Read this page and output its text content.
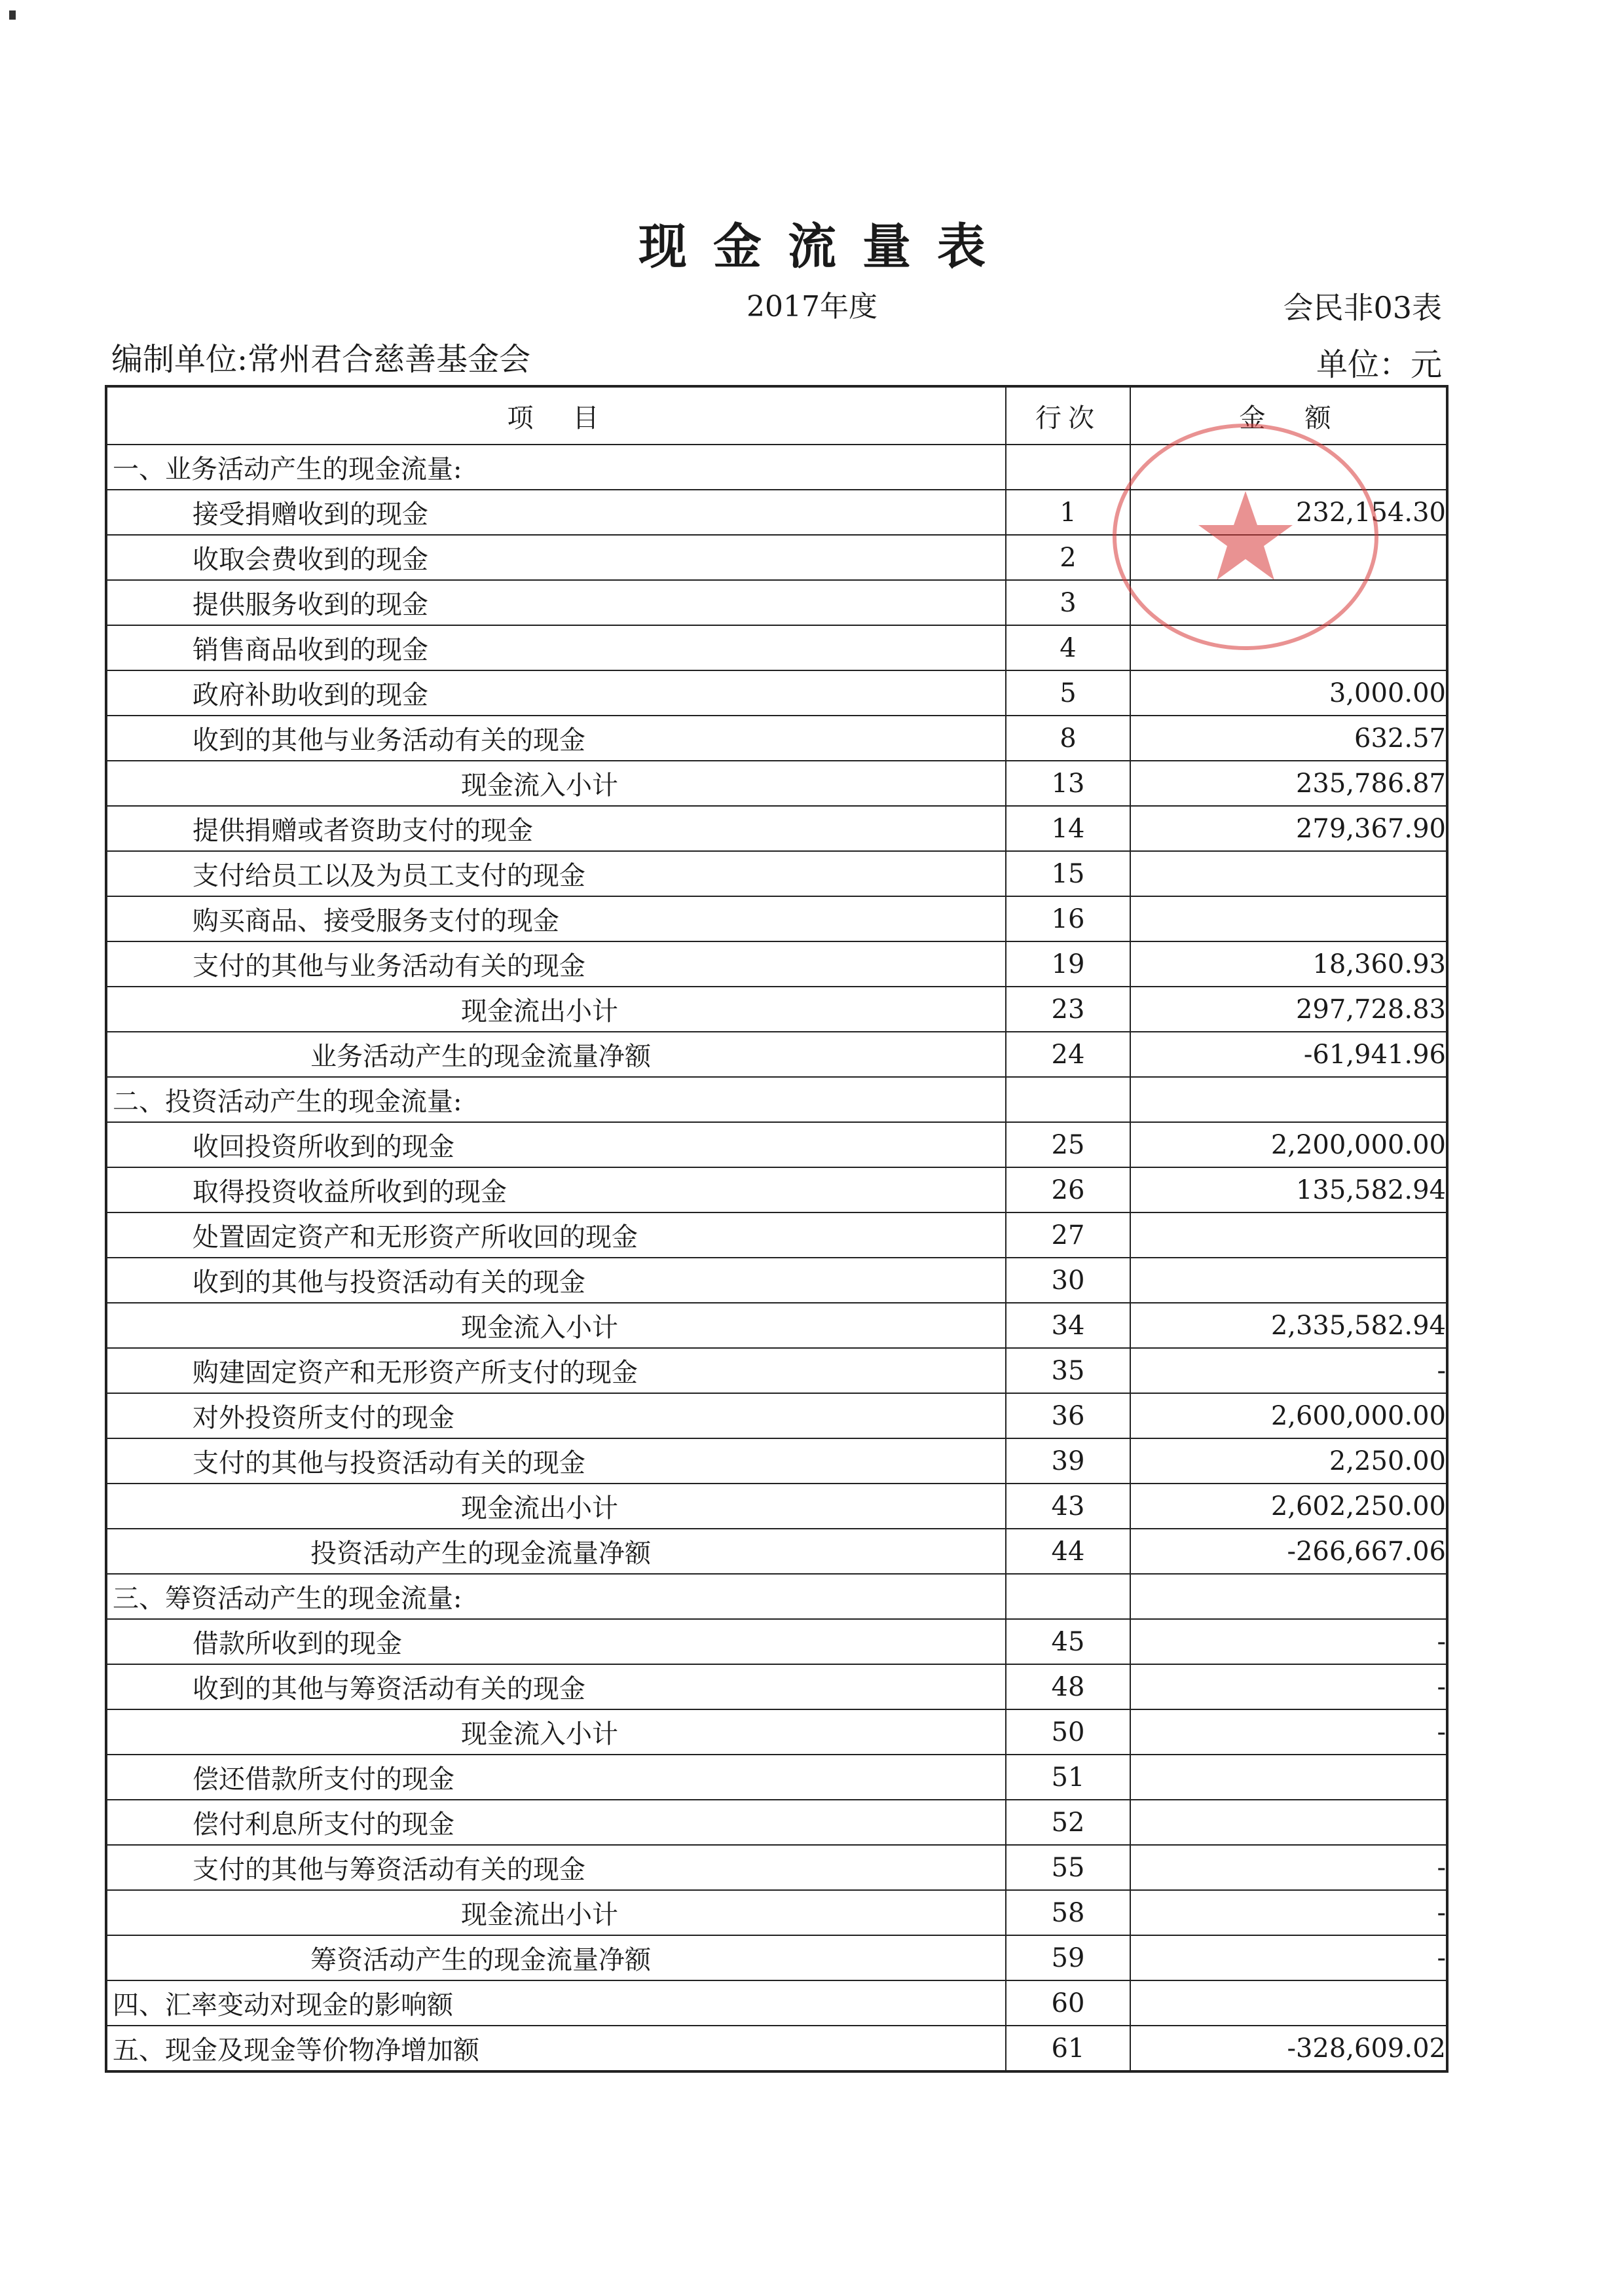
现金流量表
2017年度	会民非03表
编制单位:常州君合慈善基金会	单位：元
项　目	行次	金　额
一、业务活动产生的现金流量:		
接受捐赠收到的现金	1	232,154.30
收取会费收到的现金	2	
提供服务收到的现金	3	
销售商品收到的现金	4	
政府补助收到的现金	5	3,000.00
收到的其他与业务活动有关的现金	8	632.57
现金流入小计	13	235,786.87
提供捐赠或者资助支付的现金	14	279,367.90
支付给员工以及为员工支付的现金	15	
购买商品、接受服务支付的现金	16	
支付的其他与业务活动有关的现金	19	18,360.93
现金流出小计	23	297,728.83
业务活动产生的现金流量净额	24	-61,941.96
二、投资活动产生的现金流量:		
收回投资所收到的现金	25	2,200,000.00
取得投资收益所收到的现金	26	135,582.94
处置固定资产和无形资产所收回的现金	27	
收到的其他与投资活动有关的现金	30	
现金流入小计	34	2,335,582.94
购建固定资产和无形资产所支付的现金	35	-
对外投资所支付的现金	36	2,600,000.00
支付的其他与投资活动有关的现金	39	2,250.00
现金流出小计	43	2,602,250.00
投资活动产生的现金流量净额	44	-266,667.06
三、筹资活动产生的现金流量:		
借款所收到的现金	45	-
收到的其他与筹资活动有关的现金	48	-
现金流入小计	50	-
偿还借款所支付的现金	51	
偿付利息所支付的现金	52	
支付的其他与筹资活动有关的现金	55	-
现金流出小计	58	-
筹资活动产生的现金流量净额	59	-
四、汇率变动对现金的影响额	60	
五、现金及现金等价物净增加额	61	-328,609.02
